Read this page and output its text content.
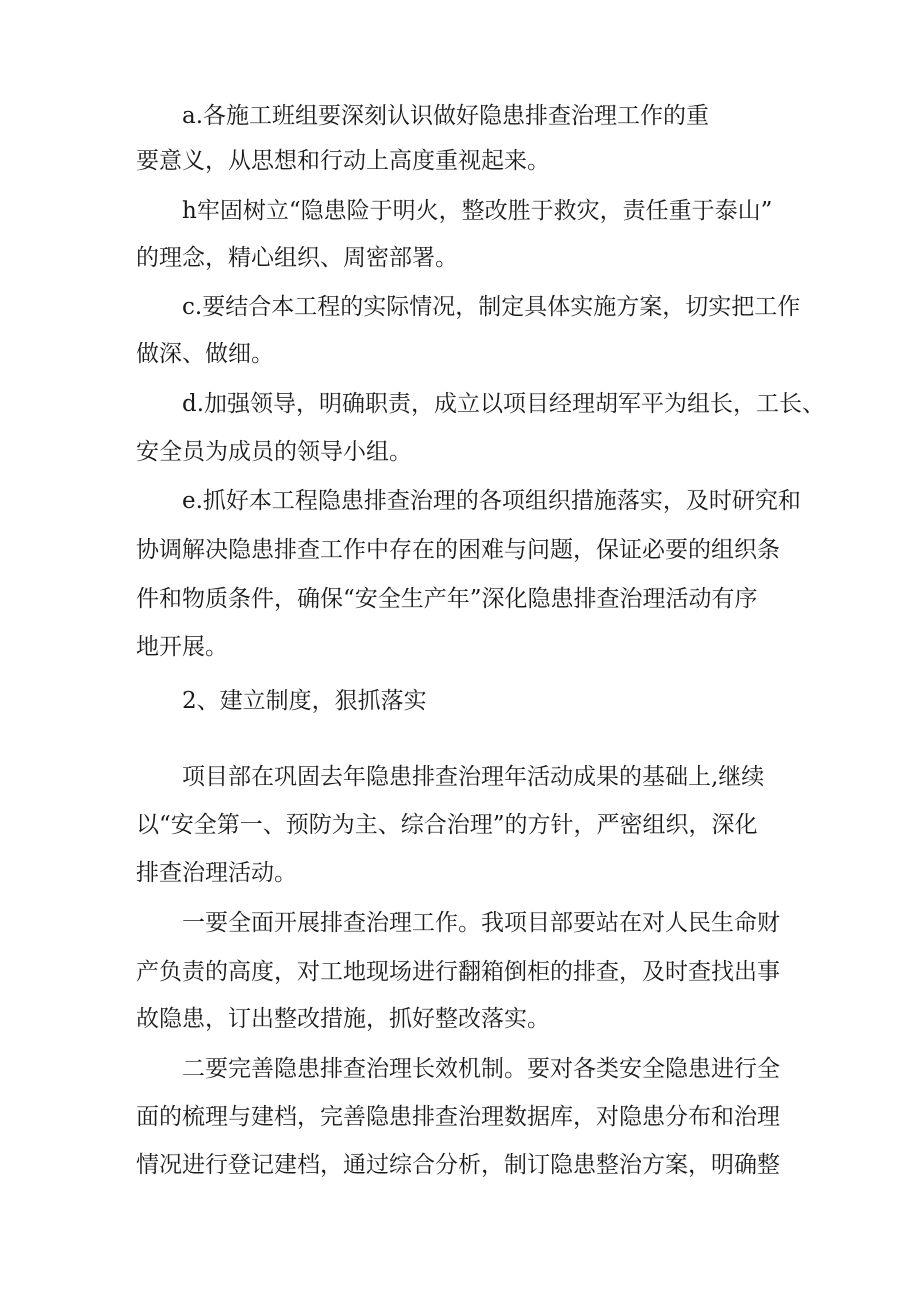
a.各施工班组要深刻认识做好隐患排查治理工作的重
要意义，从思想和行动上高度重视起来。
h牢固树立“隐患险于明火，整改胜于救灾，责任重于泰山”
的理念，精心组织、周密部署。
c.要结合本工程的实际情况，制定具体实施方案，切实把工作
做深、做细。
d.加强领导，明确职责，成立以项目经理胡军平为组长，工长、
安全员为成员的领导小组。
e.抓好本工程隐患排查治理的各项组织措施落实，及时研究和
协调解决隐患排查工作中存在的困难与问题，保证必要的组织条
件和物质条件，确保“安全生产年”深化隐患排查治理活动有序
地开展。
2、建立制度，狠抓落实
项目部在巩固去年隐患排查治理年活动成果的基础上,继续
以“安全第一、预防为主、综合治理”的方针，严密组织，深化
排查治理活动。
一要全面开展排查治理工作。我项目部要站在对人民生命财
产负责的高度，对工地现场进行翻箱倒柜的排查，及时查找出事
故隐患，订出整改措施，抓好整改落实。
二要完善隐患排查治理长效机制。要对各类安全隐患进行全
面的梳理与建档，完善隐患排查治理数据库，对隐患分布和治理
情况进行登记建档，通过综合分析，制订隐患整治方案，明确整
